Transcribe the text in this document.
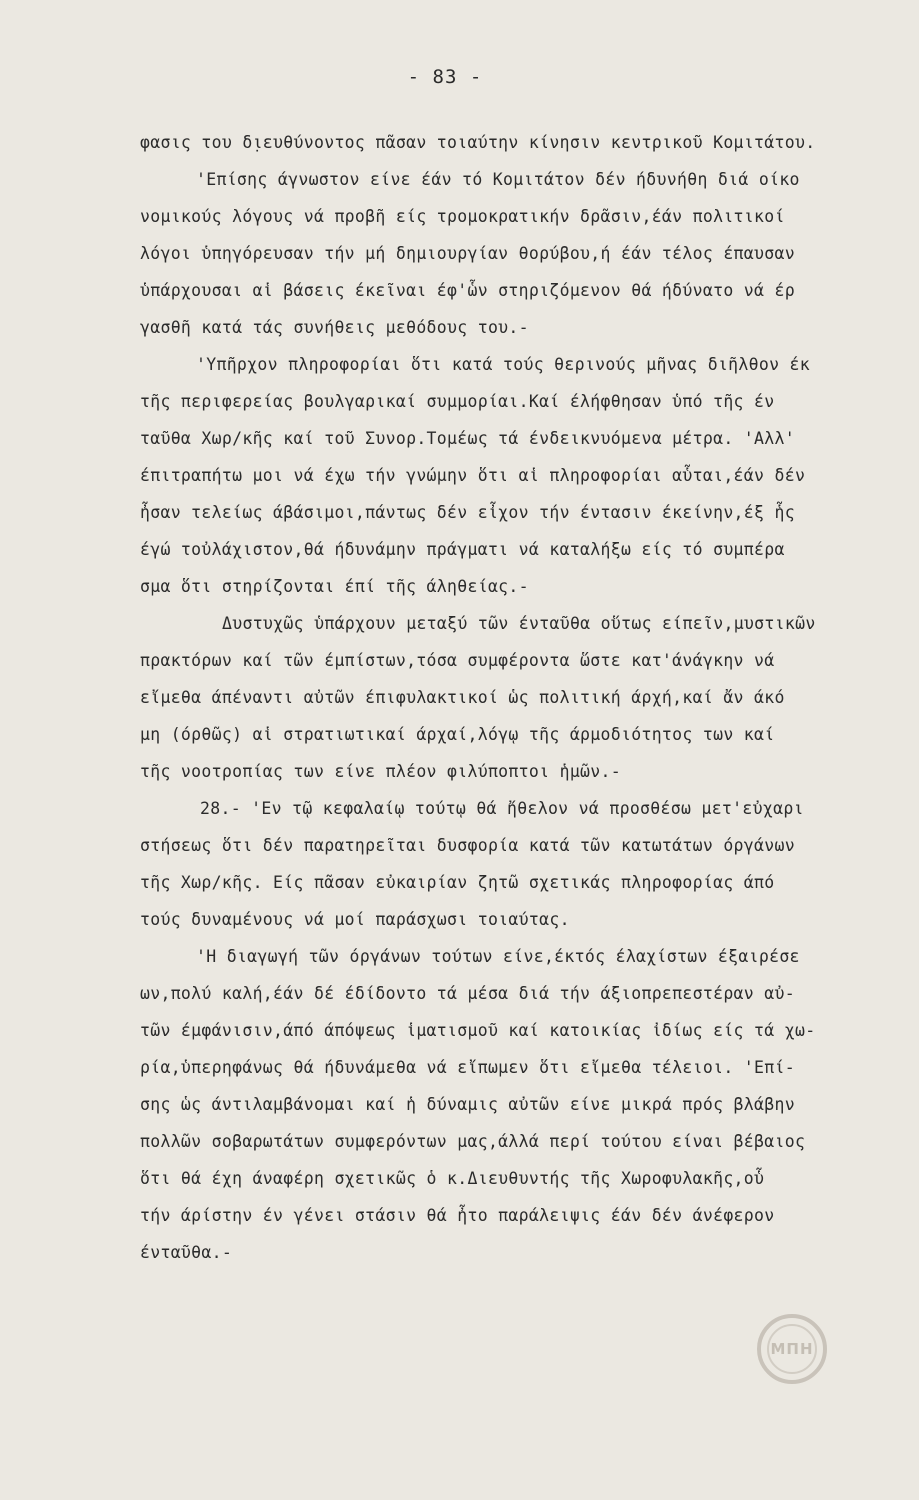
- 83 -
φασις του δ̣ιευθύνοντος πᾶσαν τοιαύτην κίνησιν κεντρικοῦ Κομιτάτου.
'Επίσης άγνωστον είνε έάν τό Κομιτάτον δέν ήδυνήθη διά οίκο
νομικούς λόγους νά προβῆ είς τρομοκρατικήν δρᾶσιν,έάν πολιτικοί
λόγοι ὑπηγόρευσαν τήν μή δημιουργίαν θορύβου,ή έάν τέλος έπαυσαν
ὑπάρχουσαι αἱ βάσεις έκεῖναι έφ'ὧν στηριζόμενον θά ήδύνατο νά έρ
γασθῆ κατά τάς συνήθεις μεθόδους του.-
'Υπῆρχον πληροφορίαι ὅτι κατά τούς θερινούς μῆνας διῆλθον έκ
τῆς περιφερείας βουλγαρικαί συμμορίαι.Καί έλήφθησαν ὑπό τῆς έν
ταῦθα Χωρ/κῆς καί τοῦ Συνορ.Τομέως τά ένδεικνυόμενα μέτρα. 'Αλλ'
έπιτραπήτω μοι νά έχω τήν γνώμην ὅτι αἱ πληροφορίαι αὗται,έάν δέν
ἦσαν τελείως άβάσιμοι,πάντως δέν εἶχον τήν έντασιν έκείνην,έξ ἧς
έγώ τοὐλάχιστον,θά ήδυνάμην πράγματι νά καταλήξω είς τό συμπέρα
σμα ὅτι στηρίζονται έπί τῆς άληθείας.-
Δυστυχῶς ὑπάρχουν μεταξύ τῶν ένταῦθα οὕτως είπεῖν,μυστικῶν
πρακτόρων καί τῶν έμπίστων,τόσα συμφέροντα ὥστε κατ'άνάγκην νά
εἴμεθα άπέναντι αὐτῶν έπιφυλακτικοί ὡς πολιτική άρχή,καί ἄν άκό
μη (όρθῶς) αἱ στρατιωτικαί άρχαί,λόγῳ τῆς άρμοδιότητος των καί
τῆς νοοτροπίας των είνε πλέον φιλύποπτοι ἡμῶν.-
28.- 'Εν τῷ κεφαλαίῳ τούτῳ θά ἤθελον νά προσθέσω μετ'εὐχαρι
στήσεως ὅτι δέν παρατηρεῖται δυσφορία κατά τῶν κατωτάτων όργάνων
τῆς Χωρ/κῆς. Είς πᾶσαν εὐκαιρίαν ζητῶ σχετικάς πληροφορίας άπό
τούς δυναμένους νά μοί παράσχωσι τοιαύτας.
'Η διαγωγή τῶν όργάνων τούτων είνε,έκτός έλαχίστων έξαιρέσε
ων,πολύ καλή,έάν δέ έδίδοντο τά μέσα διά τήν άξιοπρεπεστέραν αὐ-
τῶν έμφάνισιν,άπό άπόψεως ἱματισμοῦ καί κατοικίας ἰδίως είς τά χω-
ρία,ὑπερηφάνως θά ήδυνάμεθα νά εἴπωμεν ὅτι εἴμεθα τέλειοι. 'Επί-
σης ὡς άντιλαμβάνομαι καί ἡ δύναμις αὐτῶν είνε μικρά πρός βλάβην
πολλῶν σοβαρωτάτων συμφερόντων μας,άλλά περί τούτου είναι βέβαιος
ὅτι θά έχη άναφέρη σχετικῶς ὁ κ.Διευθυντής τῆς Χωροφυλακῆς,οὗ
τήν άρίστην έν γένει στάσιν θά ἦτο παράλειψις έάν δέν άνέφερον
ένταῦθα.-
ΜΠΗ
